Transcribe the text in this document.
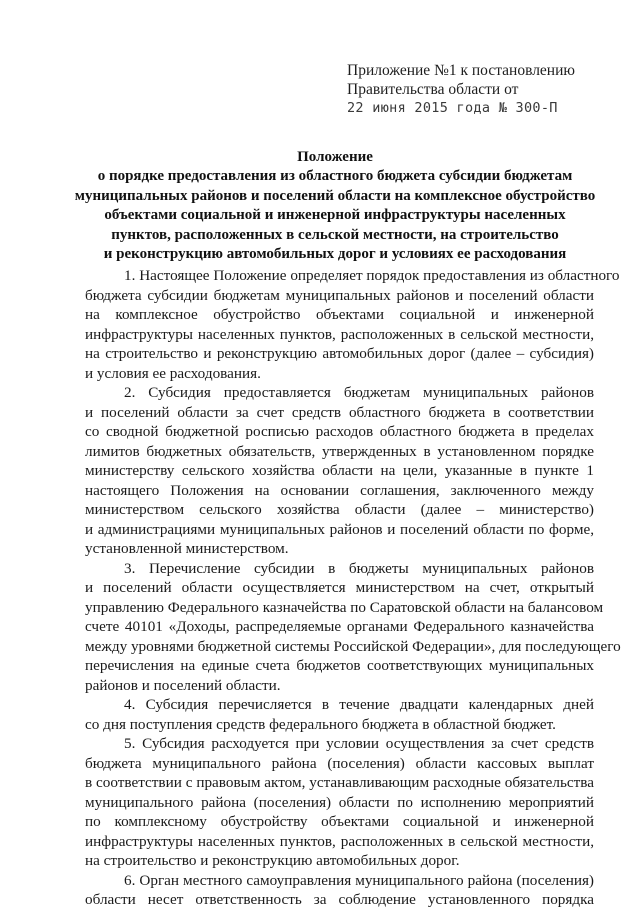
Приложение №1 к постановлению
Правительства области от
22 июня 2015 года № 300-П
Положение
о порядке предоставления из областного бюджета субсидии бюджетам
муниципальных районов и поселений области на комплексное обустройство
объектами социальной и инженерной инфраструктуры населенных
пунктов, расположенных в сельской местности, на строительство
и реконструкцию автомобильных дорог и условиях ее расходования
1. Настоящее Положение определяет порядок предоставления из областного
бюджета субсидии бюджетам муниципальных районов и поселений области
на комплексное обустройство объектами социальной и инженерной
инфраструктуры населенных пунктов, расположенных в сельской местности,
на строительство и реконструкцию автомобильных дорог (далее – субсидия)
и условия ее расходования.
2. Субсидия предоставляется бюджетам муниципальных районов
и поселений области за счет средств областного бюджета в соответствии
со сводной бюджетной росписью расходов областного бюджета в пределах
лимитов бюджетных обязательств, утвержденных в установленном порядке
министерству сельского хозяйства области на цели, указанные в пункте 1
настоящего Положения на основании соглашения, заключенного между
министерством сельского хозяйства области (далее – министерство)
и администрациями муниципальных районов и поселений области по форме,
установленной министерством.
3. Перечисление субсидии в бюджеты муниципальных районов
и поселений области осуществляется министерством на счет, открытый
управлению Федерального казначейства по Саратовской области на балансовом
счете 40101 «Доходы, распределяемые органами Федерального казначейства
между уровнями бюджетной системы Российской Федерации», для последующего
перечисления на единые счета бюджетов соответствующих муниципальных
районов и поселений области.
4. Субсидия перечисляется в течение двадцати календарных дней
со дня поступления средств федерального бюджета в областной бюджет.
5. Субсидия расходуется при условии осуществления за счет средств
бюджета муниципального района (поселения) области кассовых выплат
в соответствии с правовым актом, устанавливающим расходные обязательства
муниципального района (поселения) области по исполнению мероприятий
по комплексному обустройству объектами социальной и инженерной
инфраструктуры населенных пунктов, расположенных в сельской местности,
на строительство и реконструкцию автомобильных дорог.
6. Орган местного самоуправления муниципального района (поселения)
области несет ответственность за соблюдение установленного порядка
